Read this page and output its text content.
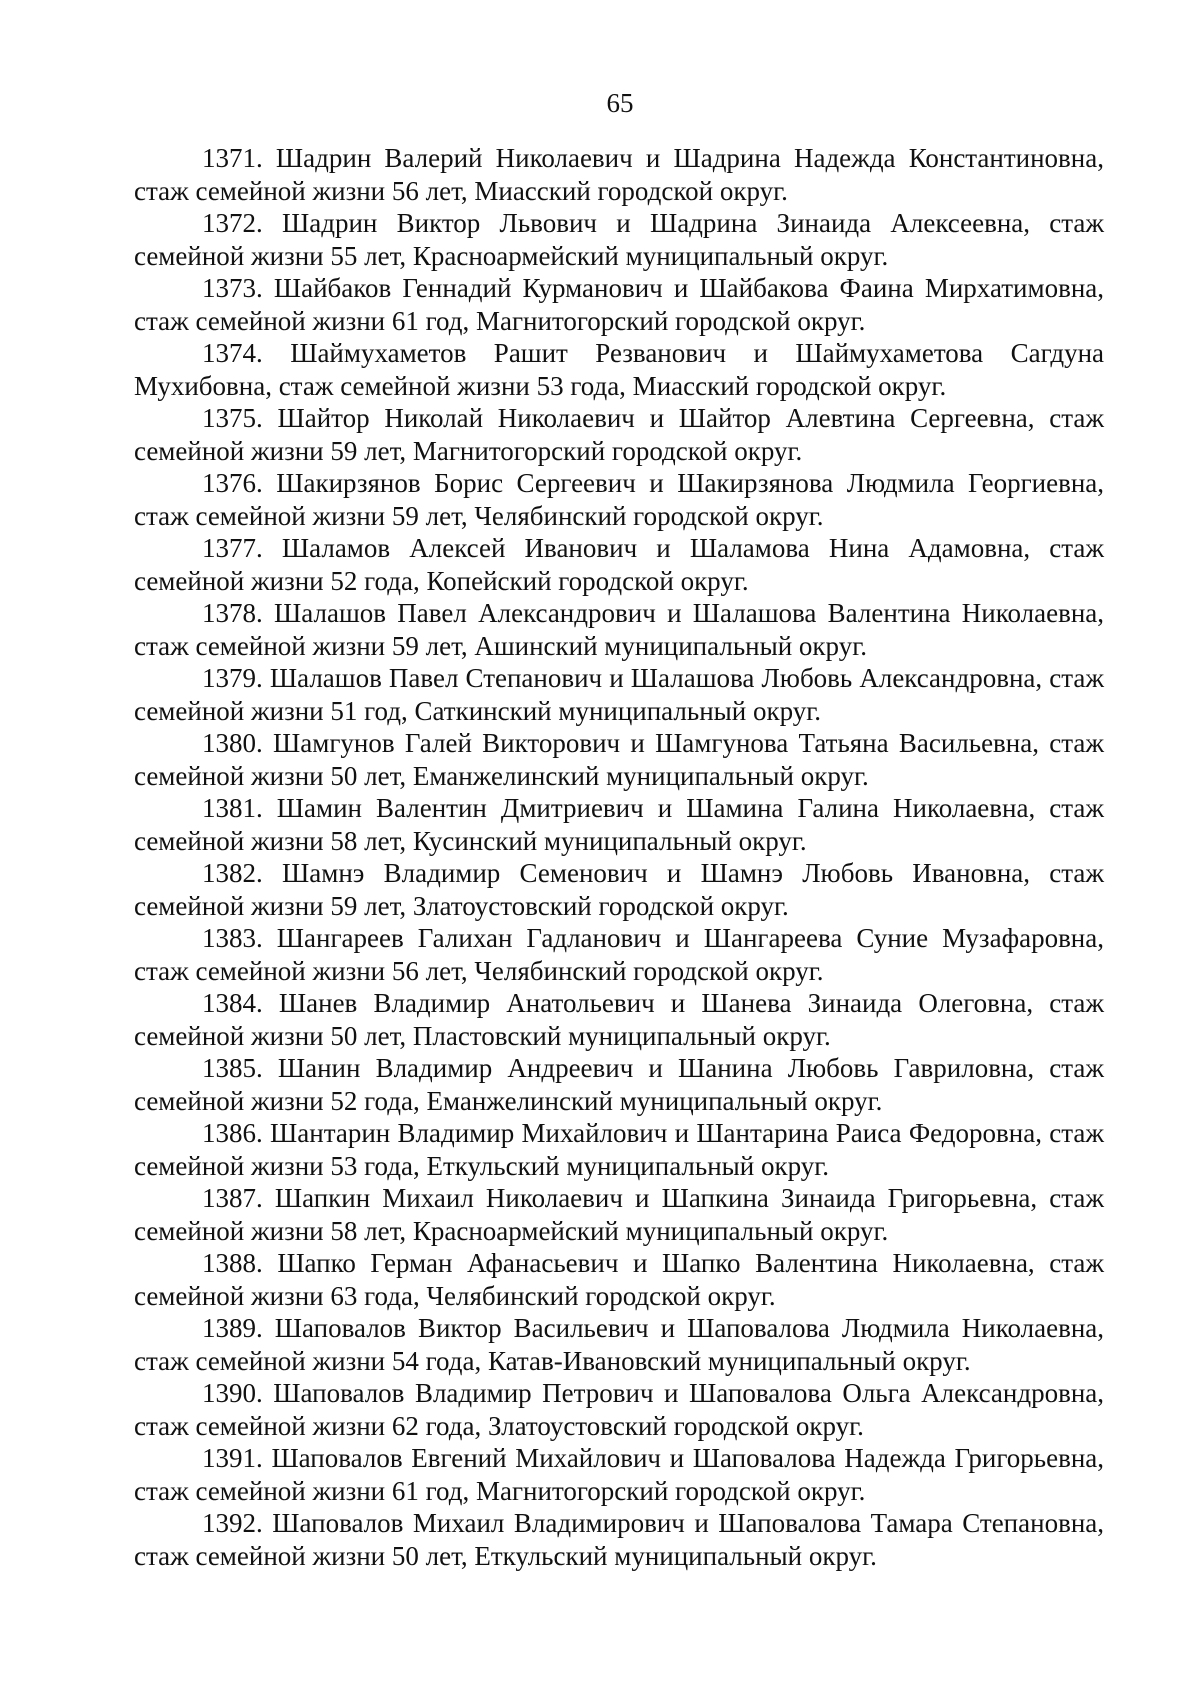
65

1371. Шадрин Валерий Николаевич и Шадрина Надежда Константиновна, стаж семейной жизни 56 лет, Миасский городской округ.

1372. Шадрин Виктор Львович и Шадрина Зинаида Алексеевна, стаж семейной жизни 55 лет, Красноармейский муниципальный округ.

1373. Шайбаков Геннадий Курманович и Шайбакова Фаина Мирхатимовна, стаж семейной жизни 61 год, Магнитогорский городской округ.

1374. Шаймухаметов Рашит Резванович и Шаймухаметова Сагдуна Мухибовна, стаж семейной жизни 53 года, Миасский городской округ.

1375. Шайтор Николай Николаевич и Шайтор Алевтина Сергеевна, стаж семейной жизни 59 лет, Магнитогорский городской округ.

1376. Шакирзянов Борис Сергеевич и Шакирзянова Людмила Георгиевна, стаж семейной жизни 59 лет, Челябинский городской округ.

1377. Шаламов Алексей Иванович и Шаламова Нина Адамовна, стаж семейной жизни 52 года, Копейский городской округ.

1378. Шалашов Павел Александрович и Шалашова Валентина Николаевна, стаж семейной жизни 59 лет, Ашинский муниципальный округ.

1379. Шалашов Павел Степанович и Шалашова Любовь Александровна, стаж семейной жизни 51 год, Саткинский муниципальный округ.

1380. Шамгунов Галей Викторович и Шамгунова Татьяна Васильевна, стаж семейной жизни 50 лет, Еманжелинский муниципальный округ.

1381. Шамин Валентин Дмитриевич и Шамина Галина Николаевна, стаж семейной жизни 58 лет, Кусинский муниципальный округ.

1382. Шамнэ Владимир Семенович и Шамнэ Любовь Ивановна, стаж семейной жизни 59 лет, Златоустовский городской округ.

1383. Шангареев Галихан Гадланович и Шангареева Суние Музафаровна, стаж семейной жизни 56 лет, Челябинский городской округ.

1384. Шанев Владимир Анатольевич и Шанева Зинаида Олеговна, стаж семейной жизни 50 лет, Пластовский муниципальный округ.

1385. Шанин Владимир Андреевич и Шанина Любовь Гавриловна, стаж семейной жизни 52 года, Еманжелинский муниципальный округ.

1386. Шантарин Владимир Михайлович и Шантарина Раиса Федоровна, стаж семейной жизни 53 года, Еткульский муниципальный округ.

1387. Шапкин Михаил Николаевич и Шапкина Зинаида Григорьевна, стаж семейной жизни 58 лет, Красноармейский муниципальный округ.

1388. Шапко Герман Афанасьевич и Шапко Валентина Николаевна, стаж семейной жизни 63 года, Челябинский городской округ.

1389. Шаповалов Виктор Васильевич и Шаповалова Людмила Николаевна, стаж семейной жизни 54 года, Катав-Ивановский муниципальный округ.

1390. Шаповалов Владимир Петрович и Шаповалова Ольга Александровна, стаж семейной жизни 62 года, Златоустовский городской округ.

1391. Шаповалов Евгений Михайлович и Шаповалова Надежда Григорьевна, стаж семейной жизни 61 год, Магнитогорский городской округ.

1392. Шаповалов Михаил Владимирович и Шаповалова Тамара Степановна, стаж семейной жизни 50 лет, Еткульский муниципальный округ.
